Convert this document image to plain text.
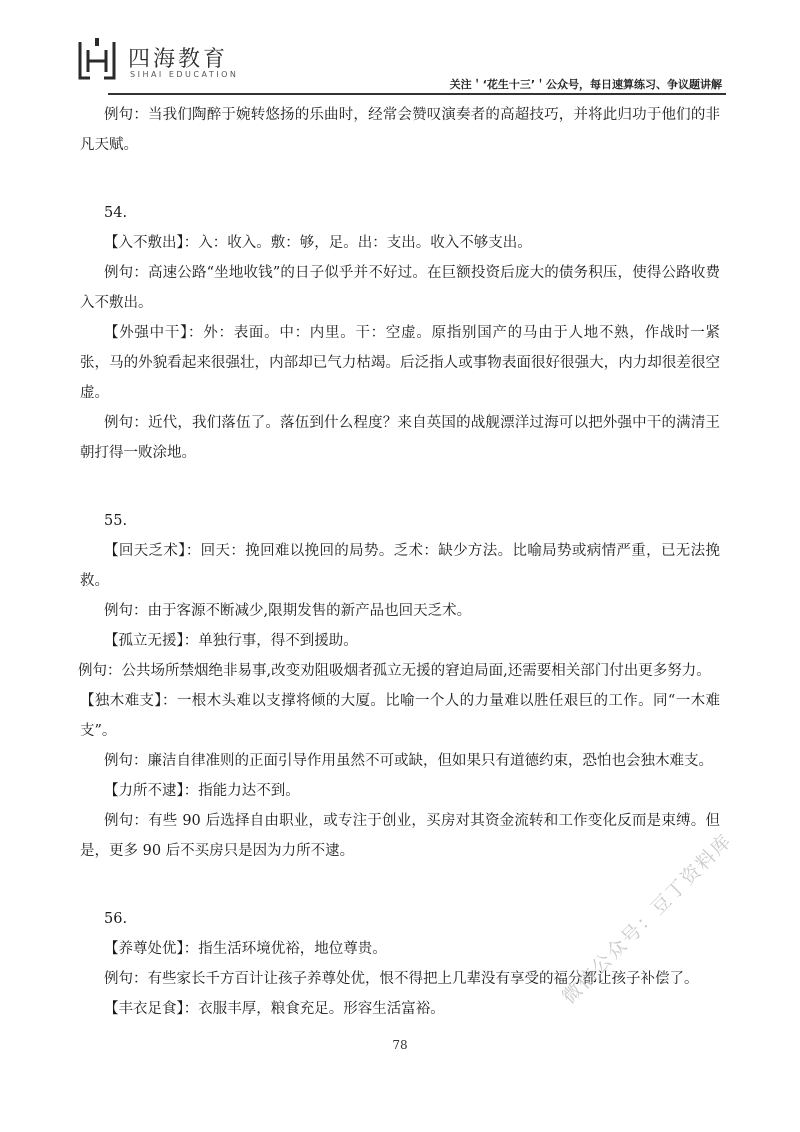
四海教育
SIHAI EDUCATION
关注＇‘花生十三’＇公众号，每日速算练习、争议题讲解

例句：当我们陶醉于婉转悠扬的乐曲时，经常会赞叹演奏者的高超技巧，并将此归功于他们的非凡天赋。

54.

【入不敷出】：入：收入。敷：够，足。出：支出。收入不够支出。

例句：高速公路“坐地收钱”的日子似乎并不好过。在巨额投资后庞大的债务积压，使得公路收费入不敷出。

【外强中干】：外：表面。中：内里。干：空虚。原指别国产的马由于人地不熟，作战时一紧张，马的外貌看起来很强壮，内部却已气力枯竭。后泛指人或事物表面很好很强大，内力却很差很空虚。

例句：近代，我们落伍了。落伍到什么程度？来自英国的战舰漂洋过海可以把外强中干的满清王朝打得一败涂地。

55.

【回天乏术】：回天：挽回难以挽回的局势。乏术：缺少方法。比喻局势或病情严重，已无法挽救。

例句：由于客源不断减少,限期发售的新产品也回天乏术。

【孤立无援】：单独行事，得不到援助。

例句：公共场所禁烟绝非易事,改变劝阻吸烟者孤立无援的窘迫局面,还需要相关部门付出更多努力。

【独木难支】：一根木头难以支撑将倾的大厦。比喻一个人的力量难以胜任艰巨的工作。同“一木难支”。

例句：廉洁自律准则的正面引导作用虽然不可或缺，但如果只有道德约束，恐怕也会独木难支。

【力所不逮】：指能力达不到。

例句：有些 90 后选择自由职业，或专注于创业，买房对其资金流转和工作变化反而是束缚。但是，更多 90 后不买房只是因为力所不逮。

56.

【养尊处优】：指生活环境优裕，地位尊贵。

例句：有些家长千方百计让孩子养尊处优，恨不得把上几辈没有享受的福分都让孩子补偿了。

【丰衣足食】：衣服丰厚，粮食充足。形容生活富裕。

78
微信公众号：豆丁资料库
